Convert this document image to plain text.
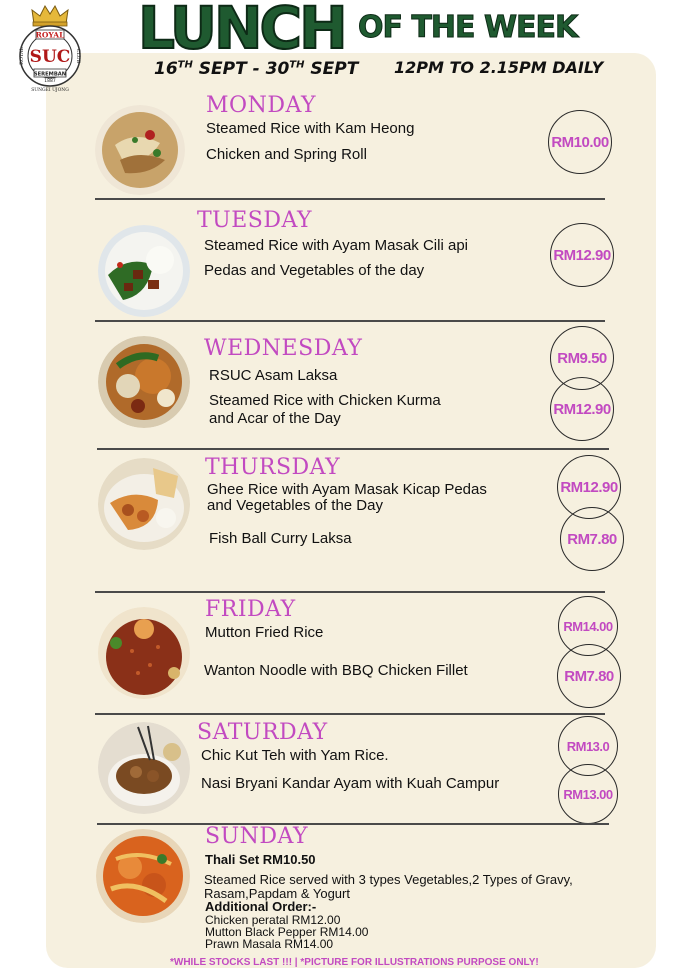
ROYAL
SUC
SEREMBAN
1887
ROYAL	CLUB
SUNGEI UJONG
LUNCH OF THE WEEK
16TH SEPT - 30TH SEPT 12PM TO 2.15PM DAILY
MONDAY
Steamed Rice with Kam Heong
Chicken and Spring Roll
RM10.00
TUESDAY
Steamed Rice with Ayam Masak Cili api
Pedas and Vegetables of the day
RM12.90
WEDNESDAY
RSUC Asam Laksa
Steamed Rice with Chicken Kurma
and Acar of the Day
RM9.50
RM12.90
THURSDAY
Ghee Rice with Ayam Masak Kicap Pedas
and Vegetables of the Day
Fish Ball Curry Laksa
RM12.90
RM7.80
FRIDAY
Mutton Fried Rice
Wanton Noodle with BBQ Chicken Fillet
RM14.00
RM7.80
SATURDAY
Chic Kut Teh with Yam Rice.
Nasi Bryani Kandar Ayam with Kuah Campur
RM13.0
RM13.00
SUNDAY
Thali Set RM10.50
Steamed Rice served with 3 types Vegetables,2 Types of Gravy,
Rasam,Papdam & Yogurt
Additional Order:-
Chicken peratal RM12.00
Mutton Black Pepper RM14.00
Prawn Masala RM14.00
*WHILE STOCKS LAST !!! | *PICTURE FOR ILLUSTRATIONS PURPOSE ONLY!
